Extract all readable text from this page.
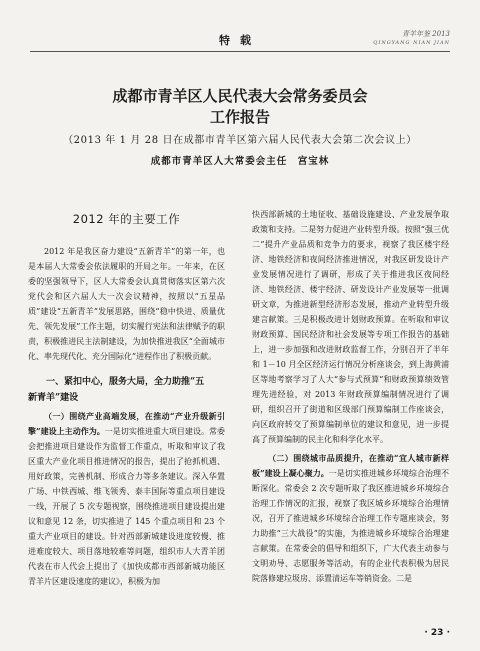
特载	青羊年鉴 2013
QINGYANG NIAN JIAN
成都市青羊区人民代表大会常务委员会
工作报告
（2013 年 1 月 28 日在成都市青羊区第六届人民代表大会第二次会议上）
成都市青羊区人大常委会主任　宫宝林
2012 年的主要工作

2012 年是我区奋力建设“五新青羊”的第一年，也是本届人大常委会依法履职的开局之年。一年来，在区委的坚强领导下，区人大常委会认真贯彻落实区第六次党代会和区六届人大一次会议精神，按照以“五星品质”建设“五新青羊”发展思路，围绕“稳中快进、质量优先、领先发展”工作主题，切实履行宪法和法律赋予的职责，积极推进民主法制建设，为加快推进我区“全面城市化、率先现代化、充分国际化”进程作出了积极贡献。

一、紧扣中心，服务大局，全力助推“五
新青羊”建设

（一）围绕产业高端发展，在推动“产业升级新引擎”建设上主动作为。一是切实推进重大项目建设。常委会把推进项目建设作为监督工作重点，听取和审议了我区重大产业化项目推进情况的报告，提出了抢抓机遇、用好政策，完善机制、形成合力等多条建议。深入华置广场、中铁西城、维飞领秀、泰丰国际等重点项目建设一线，开展了 5 次专题视察，围绕推进项目建设提出建议和意见 12 条，切实推进了 145 个重点项目和 23 个重大产业项目的建设。针对西部新城建设进度较慢、推进难度较大、项目落地较难等问题，组织市人大青羊团代表在市人代会上提出了《加快成都市西部新城功能区青羊片区建设速度的建议》，积极为加

快西部新城的土地征收、基础设施建设、产业发展争取政策和支持。二是努力促进产业转型升级。按照“强三优二”提升产业品质和竞争力的要求，视察了我区楼宇经济、地铁经济和夜间经济推进情况，对我区研发设计产业发展情况进行了调研，形成了关于推进我区夜间经济、地铁经济、楼宇经济、研发设计产业发展等一批调研文章，为推进新型经济形态发展，推动产业转型升级建言献策。三是积极改进计划财政预算。在听取和审议财政预算、国民经济和社会发展等专项工作报告的基础上，进一步加强和改进财政监督工作，分别召开了半年和 1－10 月全区经济运行情况分析座谈会，到上海黄浦区等地考察学习了人大“参与式预算”和财政预算绩效管理先进经验，对 2013 年财政预算编制情况进行了调研，组织召开了街道和区级部门预算编制工作座谈会，向区政府转交了预算编制单位的建议和意见，进一步提高了预算编制的民主化和科学化水平。

（二）围绕城市品质提升，在推动“宜人城市新样板”建设上凝心聚力。一是切实推进城乡环境综合治理不断深化。常委会 2 次专题听取了我区推进城乡环境综合治理工作情况的汇报，视察了我区城乡环境综合治理情况，召开了推进城乡环境综合治理工作专题座谈会，努力助推“三大战役”的实施，为推进城乡环境综合治理建言献策。在常委会的倡导和组织下，广大代表主动参与文明劝导、志愿服务等活动，有的企业代表积极为居民院落修建垃圾房、添置清运车等销资金。二是

· 23 ·
